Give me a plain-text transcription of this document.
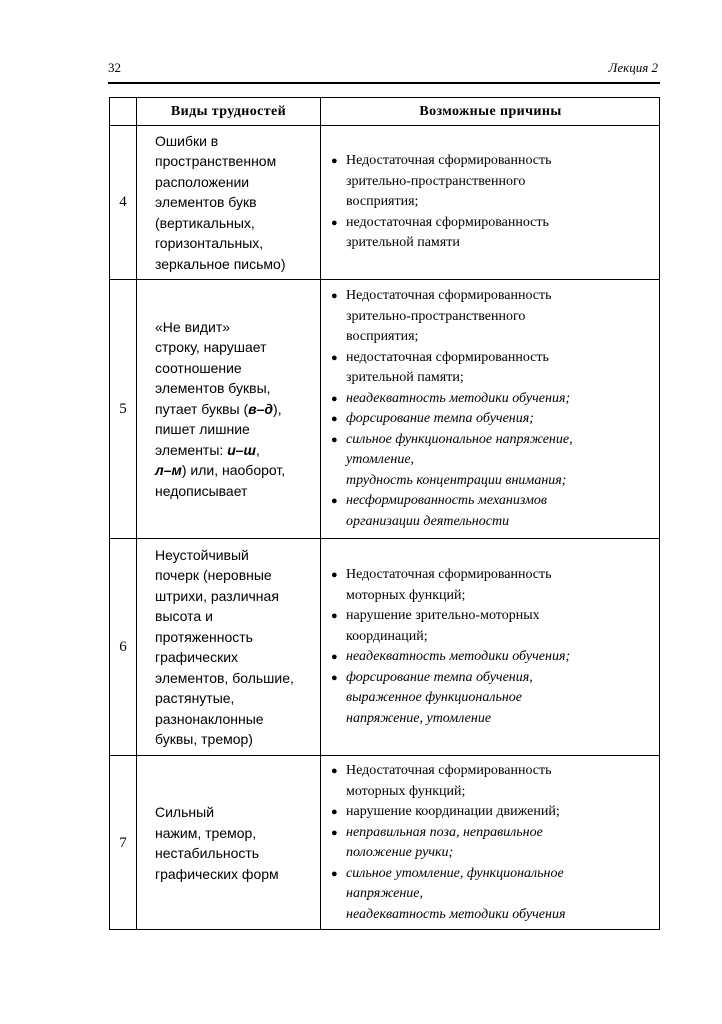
32	Лекция 2
Виды трудностей	Возможные причины
4
Ошибки в
пространственном
расположении
элементов букв
(вертикальных,
горизонтальных,
зеркальное письмо)
● Недостаточная сформированность
зрительно-пространственного
восприятия;
● недостаточная сформированность
зрительной памяти
5
«Не видит»
строку, нарушает
соотношение
элементов буквы,
путает буквы (в–д),
пишет лишние
элементы: и–ш,
л–м) или, наоборот,
недописывает
● Недостаточная сформированность
зрительно-пространственного
восприятия;
● недостаточная сформированность
зрительной памяти;
● неадекватность методики обучения;
● форсирование темпа обучения;
● сильное функциональное напряжение,
утомление,
трудность концентрации внимания;
● несформированность механизмов
организации деятельности
6
Неустойчивый
почерк (неровные
штрихи, различная
высота и
протяженность
графических
элементов, большие,
растянутые,
разнонаклонные
буквы, тремор)
● Недостаточная сформированность
моторных функций;
● нарушение зрительно-моторных
координаций;
● неадекватность методики обучения;
● форсирование темпа обучения,
выраженное функциональное
напряжение, утомление
7
Сильный
нажим, тремор,
нестабильность
графических форм
● Недостаточная сформированность
моторных функций;
● нарушение координации движений;
● неправильная поза, неправильное
положение ручки;
● сильное утомление, функциональное
напряжение,
неадекватность методики обучения
